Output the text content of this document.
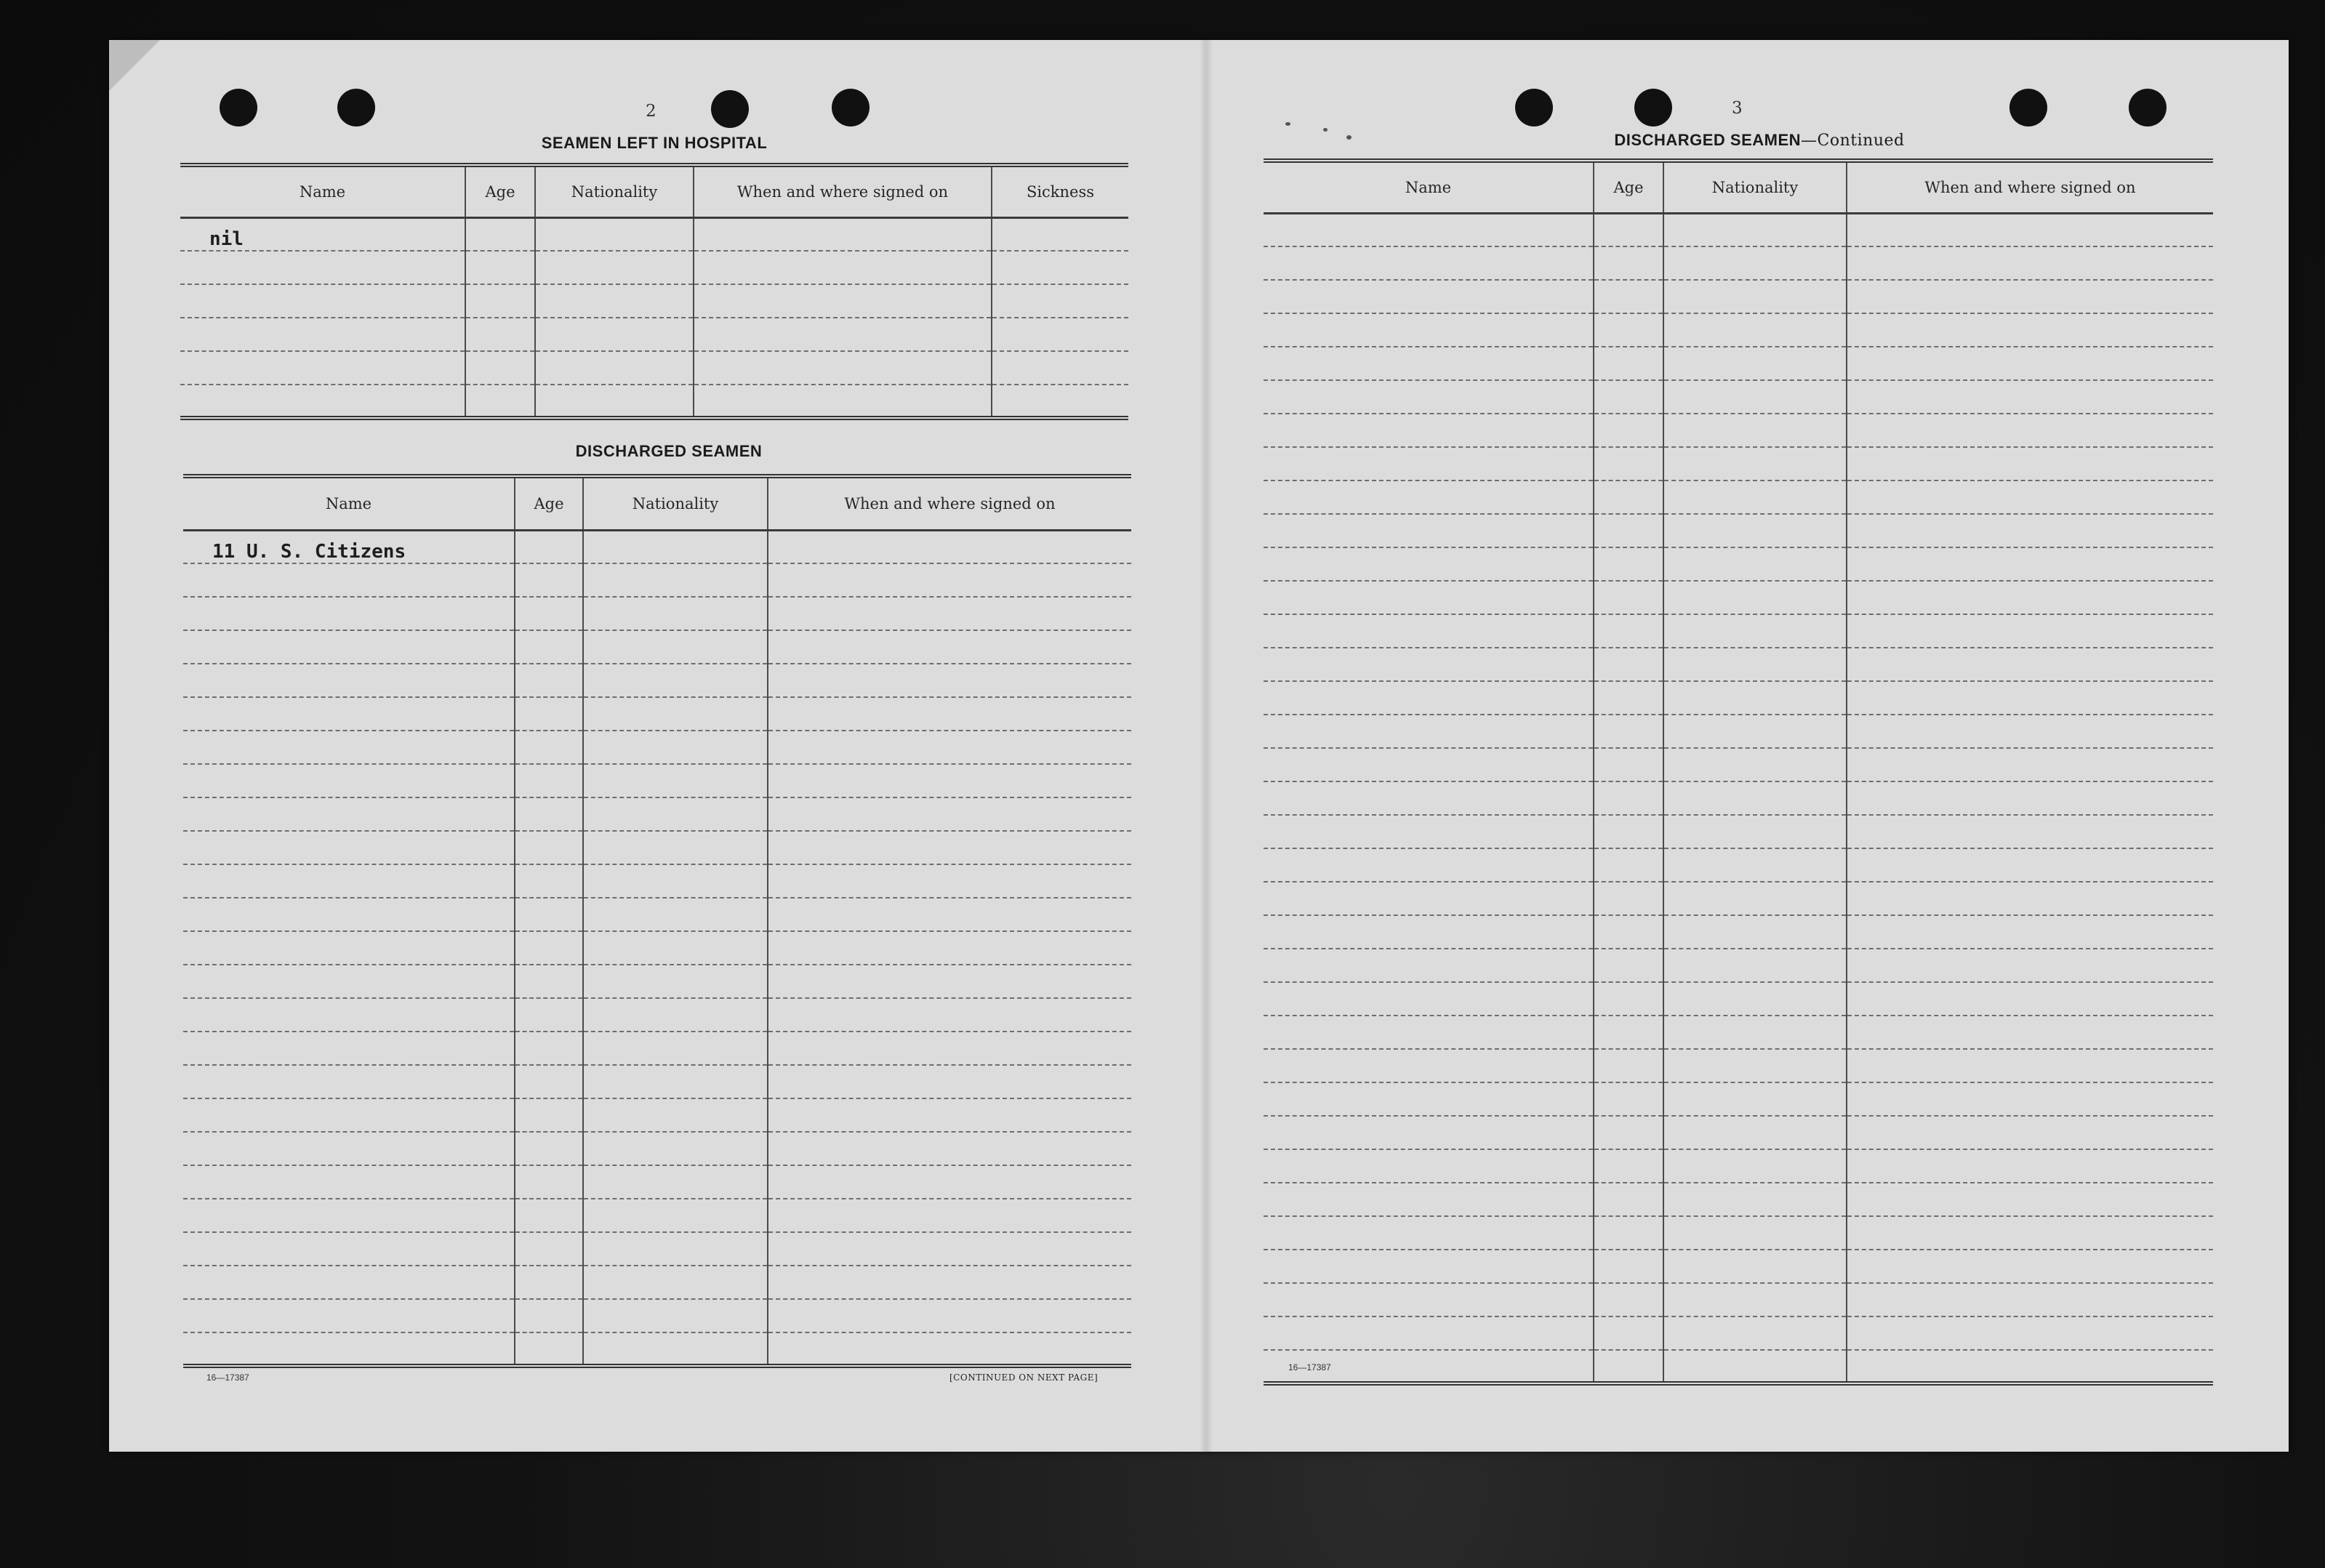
2
SEAMEN LEFT IN HOSPITAL
Name	Age	Nationality	When and where signed on	Sickness
nil				

DISCHARGED SEAMEN
Name	Age	Nationality	When and where signed on
11 U. S. Citizens			

16—17387	[CONTINUED ON NEXT PAGE]
3
DISCHARGED SEAMEN—Continued
Name	Age	Nationality	When and where signed on

16—17387
